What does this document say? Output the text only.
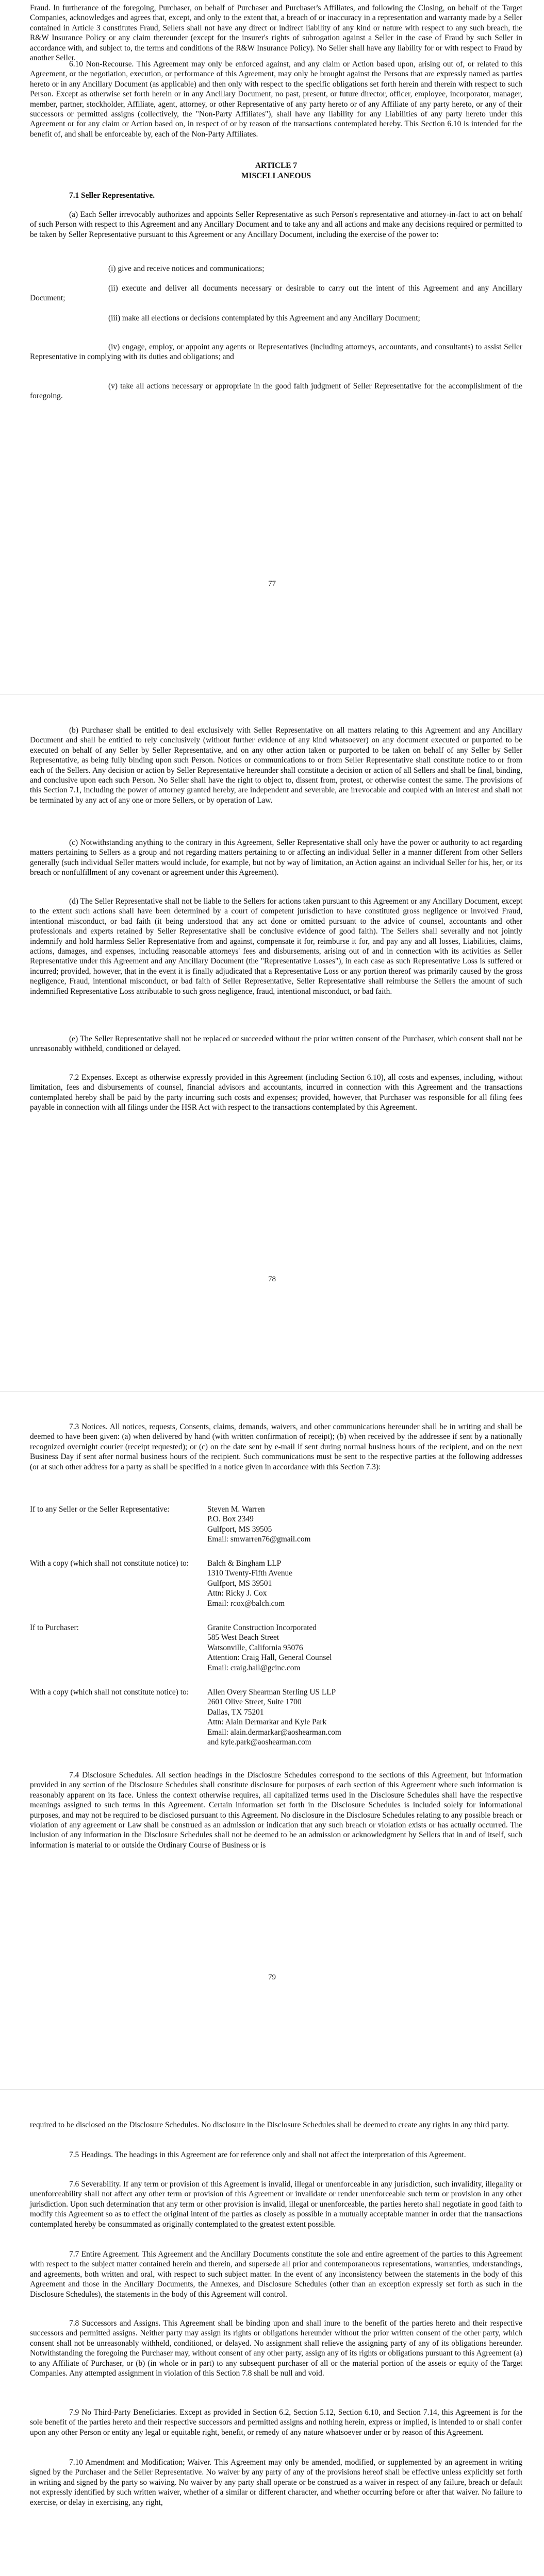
Fraud. In furtherance of the foregoing, Purchaser, on behalf of Purchaser and Purchaser's Affiliates, and following the Closing, on behalf of the Target Companies, acknowledges and agrees that, except, and only to the extent that, a breach of or inaccuracy in a representation and warranty made by a Seller contained in Article 3 constitutes Fraud, Sellers shall not have any direct or indirect liability of any kind or nature with respect to any such breach, the R&W Insurance Policy or any claim thereunder (except for the insurer's rights of subrogation against a Seller in the case of Fraud by such Seller in accordance with, and subject to, the terms and conditions of the R&W Insurance Policy). No Seller shall have any liability for or with respect to Fraud by another Seller.

6.10 Non-Recourse. This Agreement may only be enforced against, and any claim or Action based upon, arising out of, or related to this Agreement, or the negotiation, execution, or performance of this Agreement, may only be brought against the Persons that are expressly named as parties hereto or in any Ancillary Document (as applicable) and then only with respect to the specific obligations set forth herein and therein with respect to such Person. Except as otherwise set forth herein or in any Ancillary Document, no past, present, or future director, officer, employee, incorporator, manager, member, partner, stockholder, Affiliate, agent, attorney, or other Representative of any party hereto or of any Affiliate of any party hereto, or any of their successors or permitted assigns (collectively, the "Non-Party Affiliates"), shall have any liability for any Liabilities of any party hereto under this Agreement or for any claim or Action based on, in respect of or by reason of the transactions contemplated hereby. This Section 6.10 is intended for the benefit of, and shall be enforceable by, each of the Non-Party Affiliates.

ARTICLE 7
MISCELLANEOUS
7.1 Seller Representative.

(a) Each Seller irrevocably authorizes and appoints Seller Representative as such Person's representative and attorney-in-fact to act on behalf of such Person with respect to this Agreement and any Ancillary Document and to take any and all actions and make any decisions required or permitted to be taken by Seller Representative pursuant to this Agreement or any Ancillary Document, including the exercise of the power to:

(i) give and receive notices and communications;

(ii) execute and deliver all documents necessary or desirable to carry out the intent of this Agreement and any Ancillary Document;

(iii) make all elections or decisions contemplated by this Agreement and any Ancillary Document;

(iv) engage, employ, or appoint any agents or Representatives (including attorneys, accountants, and consultants) to assist Seller Representative in complying with its duties and obligations; and

(v) take all actions necessary or appropriate in the good faith judgment of Seller Representative for the accomplishment of the foregoing.

77

(b) Purchaser shall be entitled to deal exclusively with Seller Representative on all matters relating to this Agreement and any Ancillary Document and shall be entitled to rely conclusively (without further evidence of any kind whatsoever) on any document executed or purported to be executed on behalf of any Seller by Seller Representative, and on any other action taken or purported to be taken on behalf of any Seller by Seller Representative, as being fully binding upon such Person. Notices or communications to or from Seller Representative shall constitute notice to or from each of the Sellers. Any decision or action by Seller Representative hereunder shall constitute a decision or action of all Sellers and shall be final, binding, and conclusive upon each such Person. No Seller shall have the right to object to, dissent from, protest, or otherwise contest the same. The provisions of this Section 7.1, including the power of attorney granted hereby, are independent and severable, are irrevocable and coupled with an interest and shall not be terminated by any act of any one or more Sellers, or by operation of Law.

(c) Notwithstanding anything to the contrary in this Agreement, Seller Representative shall only have the power or authority to act regarding matters pertaining to Sellers as a group and not regarding matters pertaining to or affecting an individual Seller in a manner different from other Sellers generally (such individual Seller matters would include, for example, but not by way of limitation, an Action against an individual Seller for his, her, or its breach or nonfulfillment of any covenant or agreement under this Agreement).

(d) The Seller Representative shall not be liable to the Sellers for actions taken pursuant to this Agreement or any Ancillary Document, except to the extent such actions shall have been determined by a court of competent jurisdiction to have constituted gross negligence or involved Fraud, intentional misconduct, or bad faith (it being understood that any act done or omitted pursuant to the advice of counsel, accountants and other professionals and experts retained by Seller Representative shall be conclusive evidence of good faith). The Sellers shall severally and not jointly indemnify and hold harmless Seller Representative from and against, compensate it for, reimburse it for, and pay any and all losses, Liabilities, claims, actions, damages, and expenses, including reasonable attorneys' fees and disbursements, arising out of and in connection with its activities as Seller Representative under this Agreement and any Ancillary Document (the "Representative Losses"), in each case as such Representative Loss is suffered or incurred; provided, however, that in the event it is finally adjudicated that a Representative Loss or any portion thereof was primarily caused by the gross negligence, Fraud, intentional misconduct, or bad faith of Seller Representative, Seller Representative shall reimburse the Sellers the amount of such indemnified Representative Loss attributable to such gross negligence, fraud, intentional misconduct, or bad faith.

(e) The Seller Representative shall not be replaced or succeeded without the prior written consent of the Purchaser, which consent shall not be unreasonably withheld, conditioned or delayed.

7.2 Expenses. Except as otherwise expressly provided in this Agreement (including Section 6.10), all costs and expenses, including, without limitation, fees and disbursements of counsel, financial advisors and accountants, incurred in connection with this Agreement and the transactions contemplated hereby shall be paid by the party incurring such costs and expenses; provided, however, that Purchaser was responsible for all filing fees payable in connection with all filings under the HSR Act with respect to the transactions contemplated by this Agreement.

78

7.3 Notices. All notices, requests, Consents, claims, demands, waivers, and other communications hereunder shall be in writing and shall be deemed to have been given: (a) when delivered by hand (with written confirmation of receipt); (b) when received by the addressee if sent by a nationally recognized overnight courier (receipt requested); or (c) on the date sent by e-mail if sent during normal business hours of the recipient, and on the next Business Day if sent after normal business hours of the recipient. Such communications must be sent to the respective parties at the following addresses (or at such other address for a party as shall be specified in a notice given in accordance with this Section 7.3):

If to any Seller or the Seller Representative:	Steven M. Warren
P.O. Box 2349
Gulfport, MS 39505
Email: smwarren76@gmail.com
With a copy (which shall not constitute notice) to:	Balch & Bingham LLP
1310 Twenty-Fifth Avenue
Gulfport, MS 39501
Attn: Ricky J. Cox
Email: rcox@balch.com
If to Purchaser:	Granite Construction Incorporated
585 West Beach Street
Watsonville, California 95076
Attention: Craig Hall, General Counsel
Email: craig.hall@gcinc.com
With a copy (which shall not constitute notice) to:	Allen Overy Shearman Sterling US LLP
2601 Olive Street, Suite 1700
Dallas, TX 75201
Attn: Alain Dermarkar and Kyle Park
Email: alain.dermarkar@aoshearman.com
and kyle.park@aoshearman.com

7.4 Disclosure Schedules. All section headings in the Disclosure Schedules correspond to the sections of this Agreement, but information provided in any section of the Disclosure Schedules shall constitute disclosure for purposes of each section of this Agreement where such information is reasonably apparent on its face. Unless the context otherwise requires, all capitalized terms used in the Disclosure Schedules shall have the respective meanings assigned to such terms in this Agreement. Certain information set forth in the Disclosure Schedules is included solely for informational purposes, and may not be required to be disclosed pursuant to this Agreement. No disclosure in the Disclosure Schedules relating to any possible breach or violation of any agreement or Law shall be construed as an admission or indication that any such breach or violation exists or has actually occurred. The inclusion of any information in the Disclosure Schedules shall not be deemed to be an admission or acknowledgment by Sellers that in and of itself, such information is material to or outside the Ordinary Course of Business or is

79

required to be disclosed on the Disclosure Schedules. No disclosure in the Disclosure Schedules shall be deemed to create any rights in any third party.

7.5 Headings. The headings in this Agreement are for reference only and shall not affect the interpretation of this Agreement.

7.6 Severability. If any term or provision of this Agreement is invalid, illegal or unenforceable in any jurisdiction, such invalidity, illegality or unenforceability shall not affect any other term or provision of this Agreement or invalidate or render unenforceable such term or provision in any other jurisdiction. Upon such determination that any term or other provision is invalid, illegal or unenforceable, the parties hereto shall negotiate in good faith to modify this Agreement so as to effect the original intent of the parties as closely as possible in a mutually acceptable manner in order that the transactions contemplated hereby be consummated as originally contemplated to the greatest extent possible.

7.7 Entire Agreement. This Agreement and the Ancillary Documents constitute the sole and entire agreement of the parties to this Agreement with respect to the subject matter contained herein and therein, and supersede all prior and contemporaneous representations, warranties, understandings, and agreements, both written and oral, with respect to such subject matter. In the event of any inconsistency between the statements in the body of this Agreement and those in the Ancillary Documents, the Annexes, and Disclosure Schedules (other than an exception expressly set forth as such in the Disclosure Schedules), the statements in the body of this Agreement will control.

7.8 Successors and Assigns. This Agreement shall be binding upon and shall inure to the benefit of the parties hereto and their respective successors and permitted assigns. Neither party may assign its rights or obligations hereunder without the prior written consent of the other party, which consent shall not be unreasonably withheld, conditioned, or delayed. No assignment shall relieve the assigning party of any of its obligations hereunder. Notwithstanding the foregoing the Purchaser may, without consent of any other party, assign any of its rights or obligations pursuant to this Agreement (a) to any Affiliate of Purchaser, or (b) (in whole or in part) to any subsequent purchaser of all or the material portion of the assets or equity of the Target Companies. Any attempted assignment in violation of this Section 7.8 shall be null and void.

7.9 No Third-Party Beneficiaries. Except as provided in Section 6.2, Section 5.12, Section 6.10, and Section 7.14, this Agreement is for the sole benefit of the parties hereto and their respective successors and permitted assigns and nothing herein, express or implied, is intended to or shall confer upon any other Person or entity any legal or equitable right, benefit, or remedy of any nature whatsoever under or by reason of this Agreement.

7.10 Amendment and Modification; Waiver. This Agreement may only be amended, modified, or supplemented by an agreement in writing signed by the Purchaser and the Seller Representative. No waiver by any party of any of the provisions hereof shall be effective unless explicitly set forth in writing and signed by the party so waiving. No waiver by any party shall operate or be construed as a waiver in respect of any failure, breach or default not expressly identified by such written waiver, whether of a similar or different character, and whether occurring before or after that waiver. No failure to exercise, or delay in exercising, any right,
